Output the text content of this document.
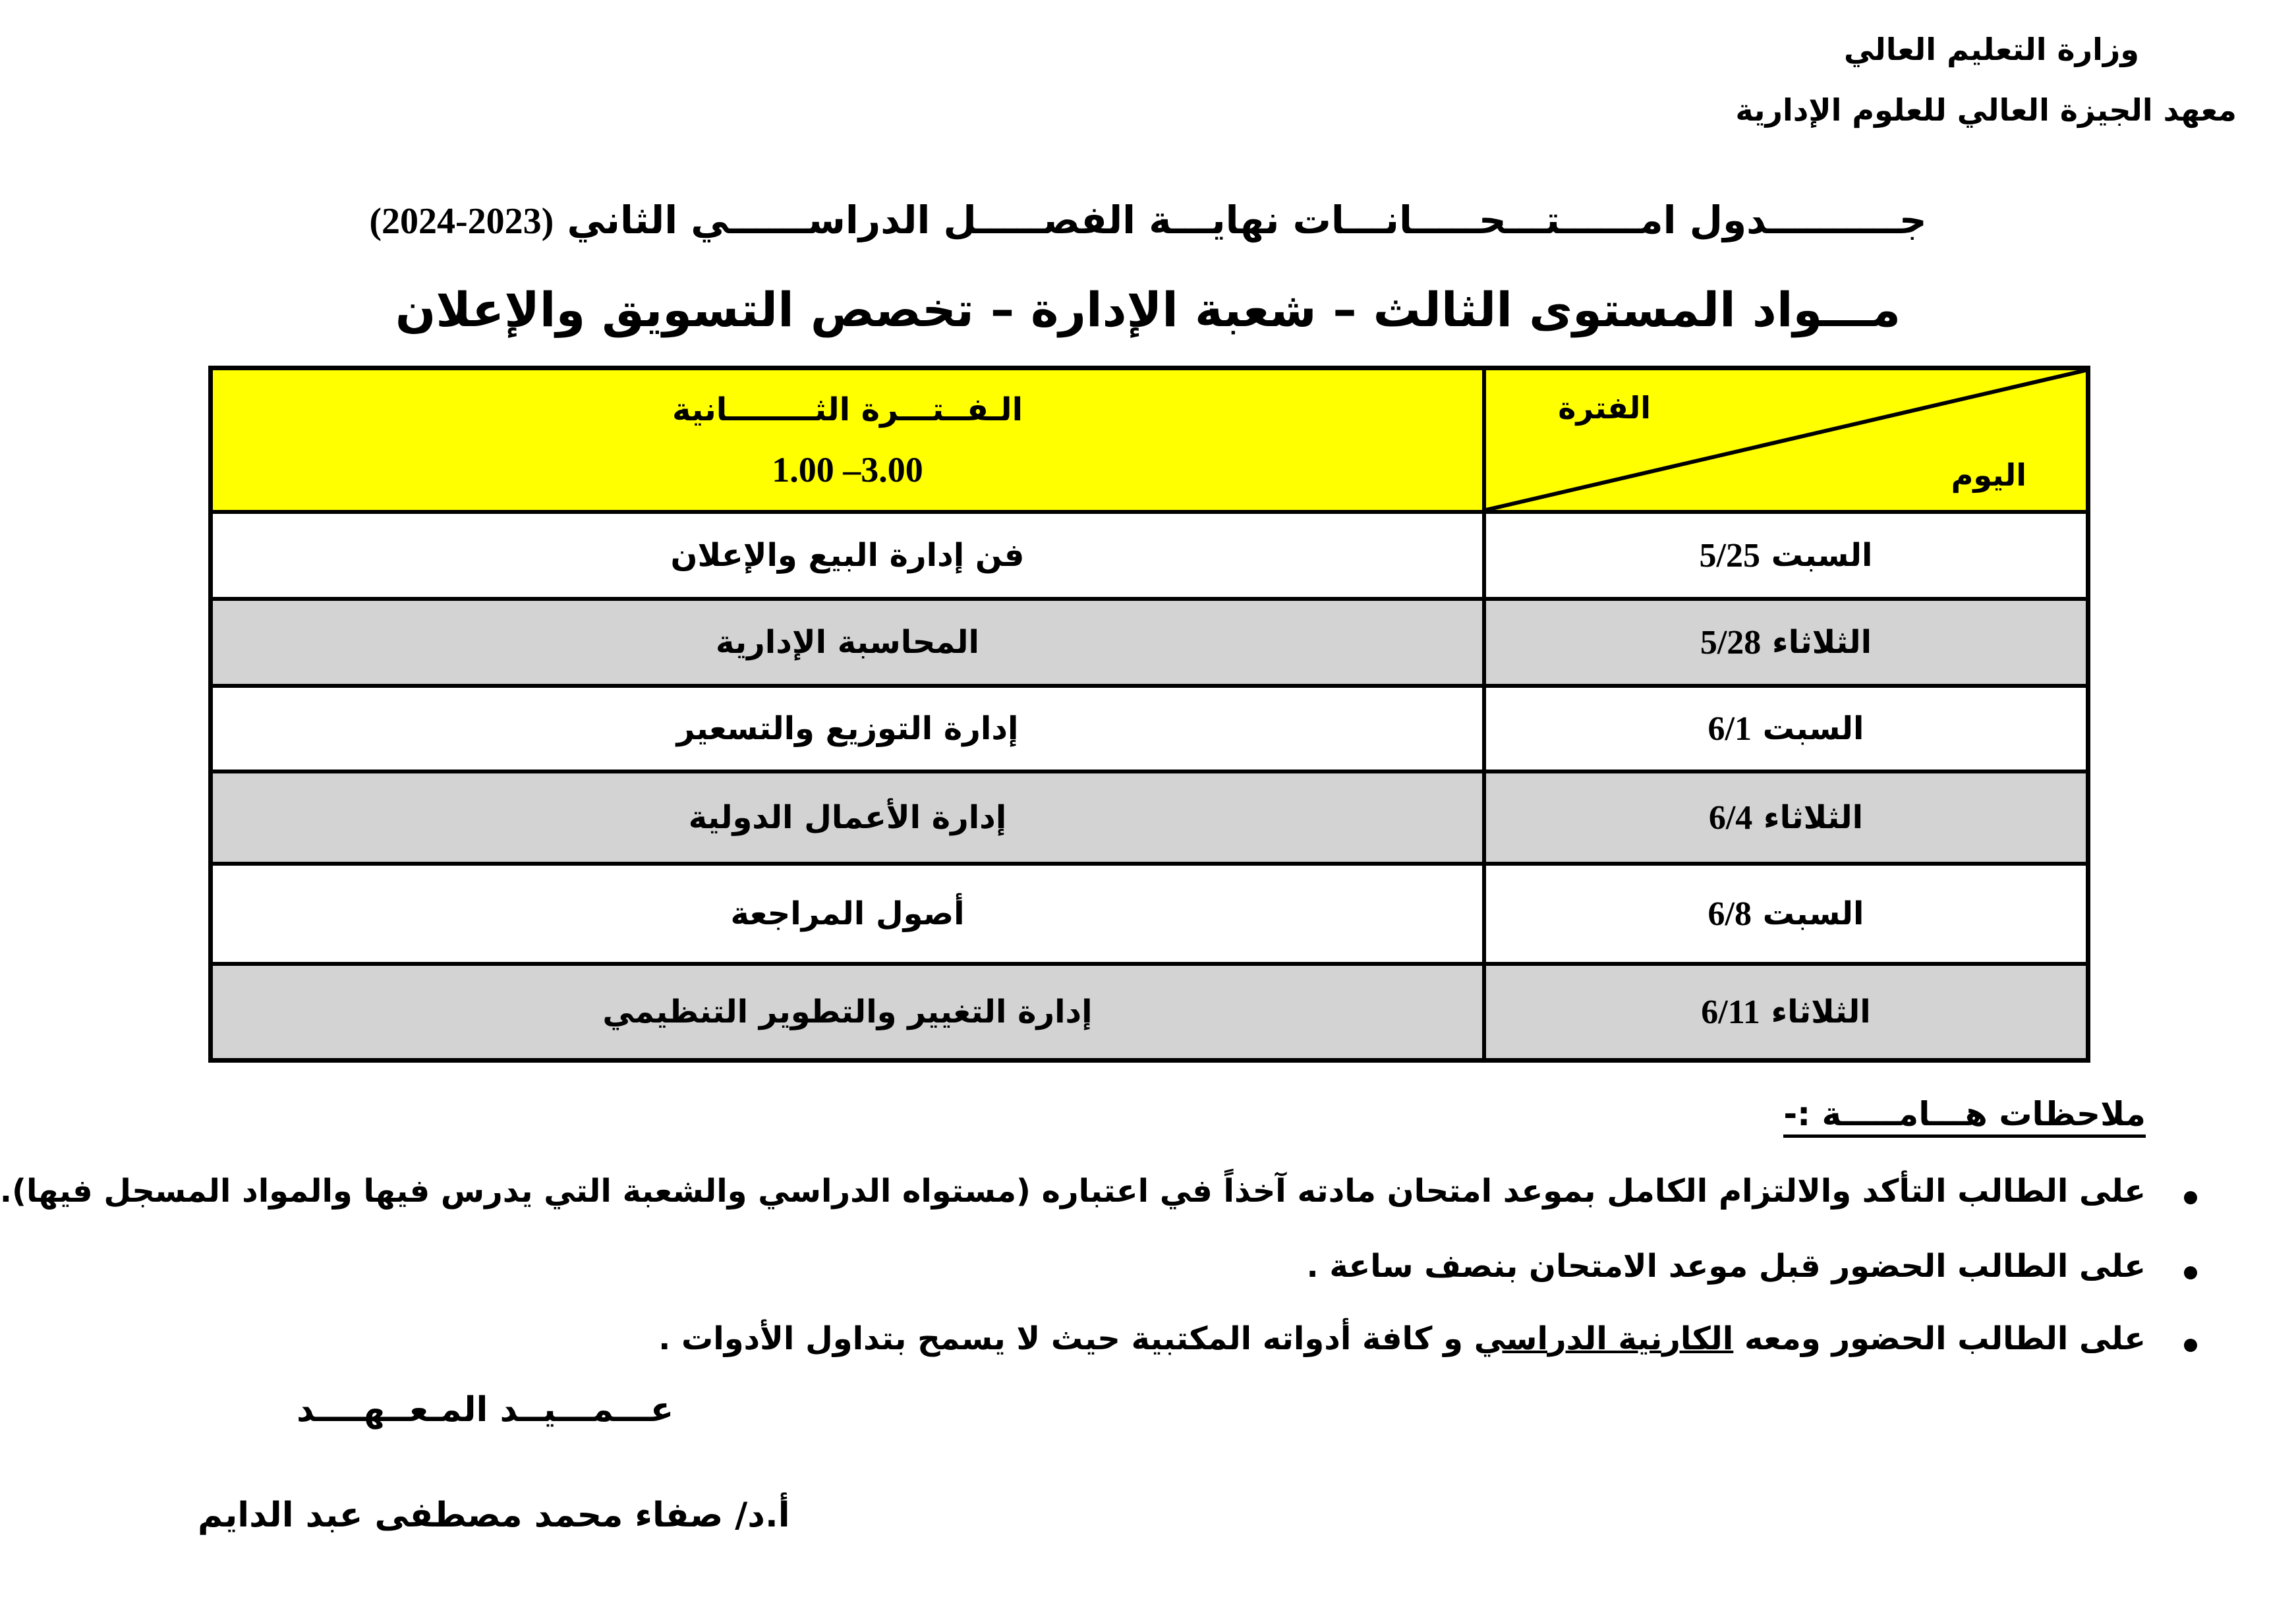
وزارة التعليم العالي
معهد الجيزة العالي للعلوم الإدارية
جــــــــــدول امــــــتـــحـــــانـــات نهايـــة الفصـــــل الدراســــــي الثاني (2023-2024)
مـــواد المستوى الثالث – شعبة الإدارة – تخصص التسويق والإعلان
الفترة
اليوم
الـفــتـــرة الثــــــــانية
1.00 –3.00
السبت

5/25
فن إدارة البيع والإعلان
الثلاثاء

5/28
المحاسبة الإدارية
السبت

6/1
إدارة التوزيع والتسعير
الثلاثاء

6/4
إدارة الأعمال الدولية
السبت

6/8
أصول المراجعة
الثلاثاء

6/11
إدارة التغيير والتطوير التنظيمي
ملاحظات هـــامـــــة :-
على الطالب التأكد والالتزام الكامل بموعد امتحان مادته آخذاً في اعتباره (مستواه الدراسي والشعبة التي يدرس فيها والمواد المسجل فيها).
على الطالب الحضور قبل موعد الامتحان بنصف ساعة .
على الطالب الحضور ومعه الكارنية الدراسي و كافة أدواته المكتبية حيث لا يسمح بتداول الأدوات .
عـــمـــيــد المـعــهــــد
أ.د/ صفاء محمد مصطفى عبد الدايم
